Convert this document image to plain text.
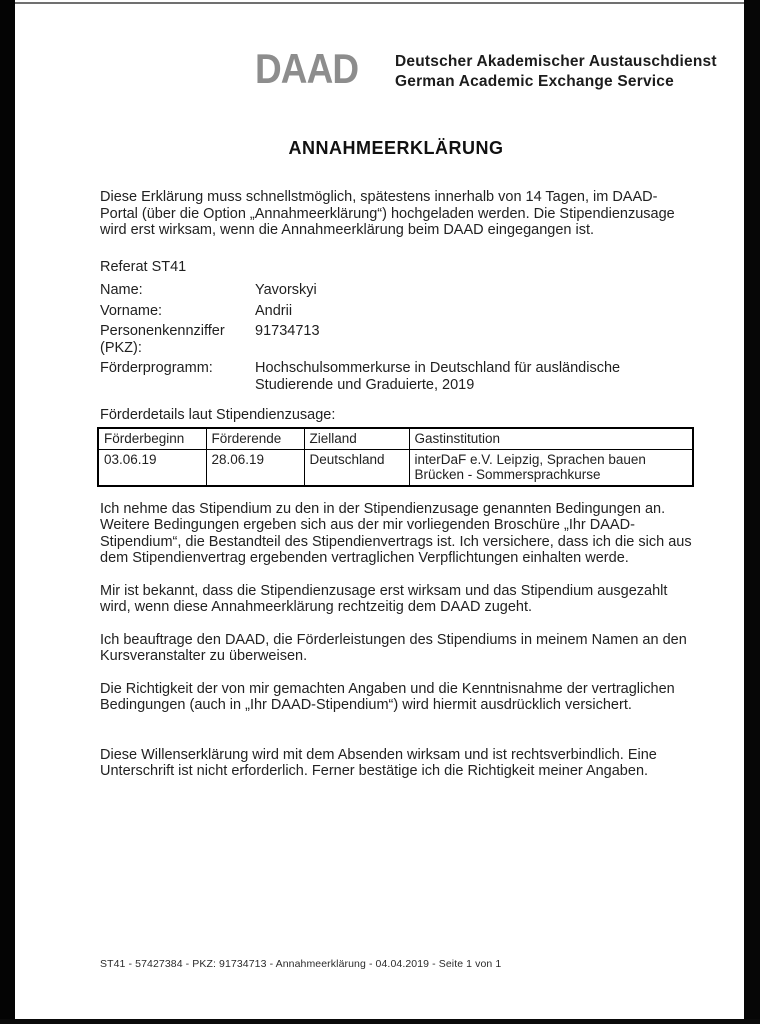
DAAD Deutscher Akademischer Austauschdienst
German Academic Exchange Service
ANNAHMEERKLÄRUNG

Diese Erklärung muss schnellstmöglich, spätestens innerhalb von 14 Tagen, im DAAD-Portal (über die Option „Annahmeerklärung“) hochgeladen werden. Die Stipendienzusage wird erst wirksam, wenn die Annahmeerklärung beim DAAD eingegangen ist.

Referat ST41
Name:	Yavorskyi
Vorname:	Andrii
Personenkennziffer (PKZ):
91734713
Förderprogramm:	Hochschulsommerkurse in Deutschland für ausländische Studierende und Graduierte, 2019
Förderdetails laut Stipendienzusage:
Förderbeginn	Förderende	Zielland	Gastinstitution
03.06.19	28.06.19	Deutschland	interDaF e.V. Leipzig, Sprachen bauen Brücken - Sommersprachkurse

Ich nehme das Stipendium zu den in der Stipendienzusage genannten Bedingungen an. Weitere Bedingungen ergeben sich aus der mir vorliegenden Broschüre „Ihr DAAD-Stipendium“, die Bestandteil des Stipendienvertrags ist. Ich versichere, dass ich die sich aus dem Stipendienvertrag ergebenden vertraglichen Verpflichtungen einhalten werde.

Mir ist bekannt, dass die Stipendienzusage erst wirksam und das Stipendium ausgezahlt wird, wenn diese Annahmeerklärung rechtzeitig dem DAAD zugeht.

Ich beauftrage den DAAD, die Förderleistungen des Stipendiums in meinem Namen an den Kursveranstalter zu überweisen.

Die Richtigkeit der von mir gemachten Angaben und die Kenntnisnahme der vertraglichen Bedingungen (auch in „Ihr DAAD-Stipendium“) wird hiermit ausdrücklich versichert.

Diese Willenserklärung wird mit dem Absenden wirksam und ist rechtsverbindlich. Eine Unterschrift ist nicht erforderlich. Ferner bestätige ich die Richtigkeit meiner Angaben.

ST41 - 57427384 - PKZ: 91734713 - Annahmeerklärung - 04.04.2019 - Seite 1 von 1
